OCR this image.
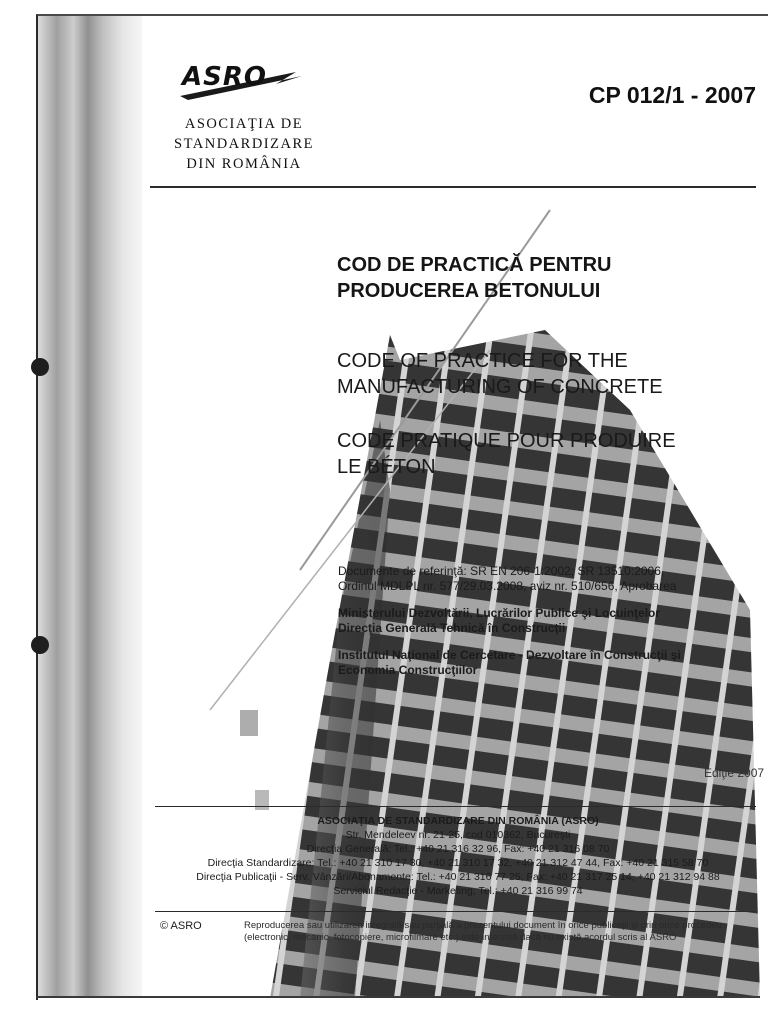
ASRO
ASOCIAŢIA DE
STANDARDIZARE
DIN ROMÂNIA
CP 012/1 - 2007
COD DE PRACTICĂ PENTRU
PRODUCEREA BETONULUI
CODE OF PRACTICE FOR THE
MANUFACTURING OF CONCRETE
CODE PRATIQUE POUR PRODUIRE
LE BÉTON

Documente de referinţă: SR EN 206-1:2002; SR 13510:2006,
Ordinul MDLPL nr. 577/29.03.2008, aviz nr. 510/656, Aprobarea

Ministerului Dezvoltării, Lucrărilor Publice şi Locuinţelor
Direcţia Generală Tehnică în Construcţii

Institutul Naţional de Cercetare - Dezvoltare în Construcţii şi
Economia Construcţiilor

Ediţie 2007
ASOCIAŢIA DE STANDARDIZARE DIN ROMÂNIA (ASRO)
Str. Mendeleev nr. 21-25, cod 010362, Bucureşti
Direcţia Generală: Tel.: +40 21 316 32 96, Fax: +40 21 316 08 70
Direcţia Standardizare: Tel.: +40 21 310 17 30, +40 21 310 17 32, +40 21 312 47 44, Fax: +40 21 315 58 70
Direcţia Publicaţii - Serv. Vânzări/Abonamente: Tel.: +40 21 316 77 25, Fax: +40 21 317 25 14, +40 21 312 94 88
Serviciul Redacţie - Marketing, Tel.: +40 21 316 99 74
© ASRO	Reproducerea sau utilizarea integrală sau parţială a prezentului document în orice publicaţii şi prin orice procedeu
(electronic, mecanic, fotocopiere, microfilmare etc.) este interzisă dacă nu există acordul scris al ASRO
